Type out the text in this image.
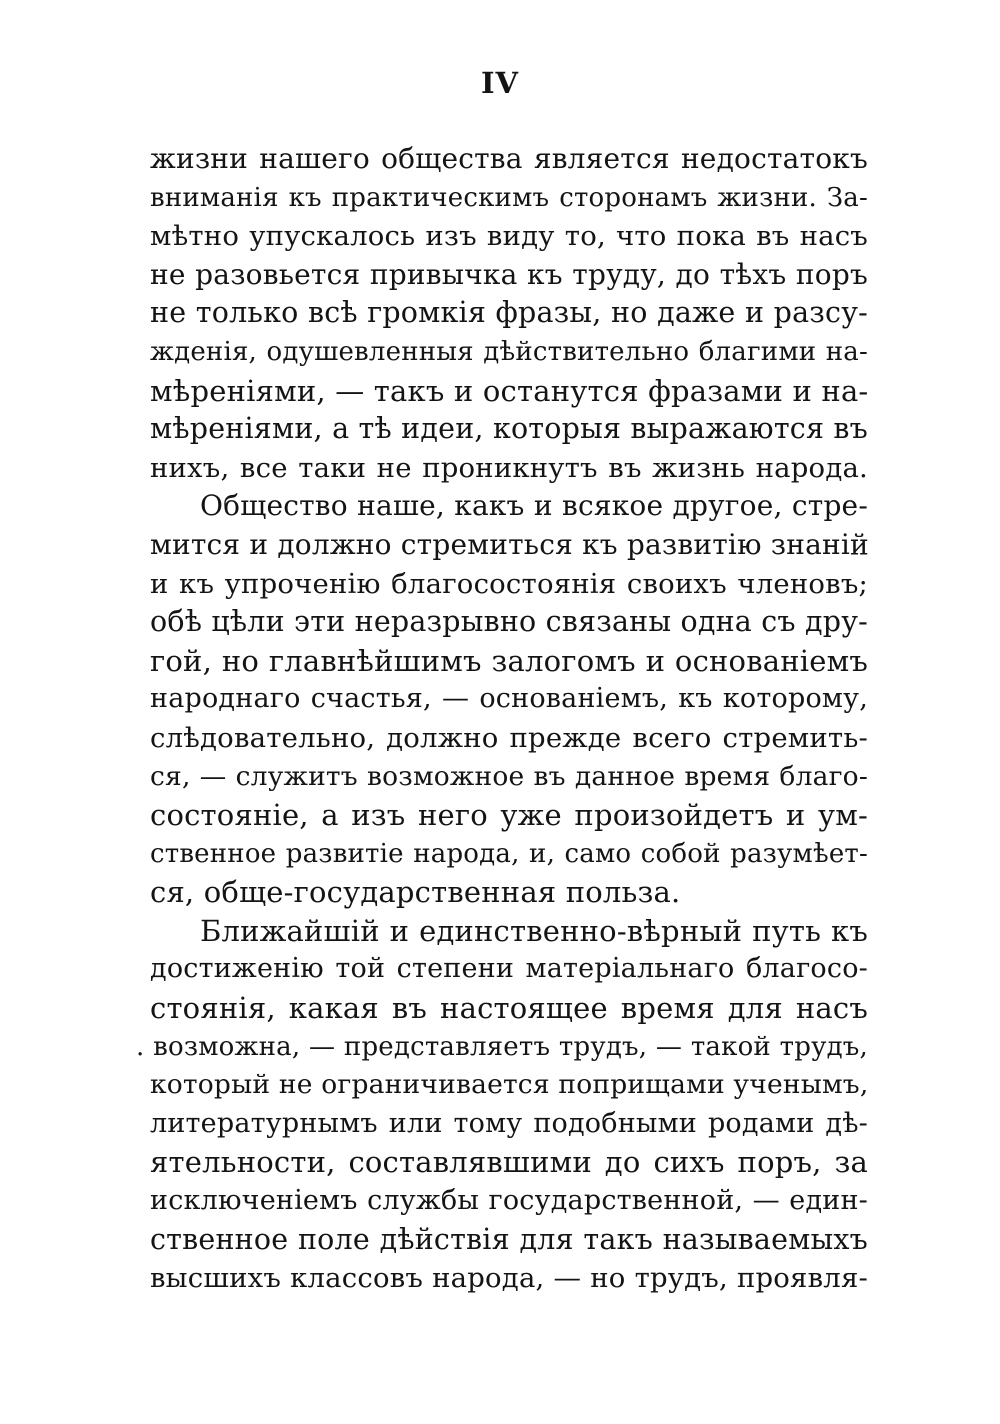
IV
жизни нашего общества является недостатокъ
вниманія къ практическимъ сторонамъ жизни. За-
мѣтно упускалось изъ виду то, что пока въ насъ
не разовьется привычка къ труду, до тѣхъ поръ
не только всѣ громкія фразы, но даже и разсу-
жденія, одушевленныя дѣйствительно благими на-
мѣреніями, — такъ и останутся фразами и на-
мѣреніями, а тѣ идеи, которыя выражаются въ
нихъ, все таки не проникнутъ въ жизнь народа.
Общество наше, какъ и всякое другое, стре-
мится и должно стремиться къ развитію знаній
и къ упроченію благосостоянія своихъ членовъ;
обѣ цѣли эти неразрывно связаны одна съ дру-
гой, но главнѣйшимъ залогомъ и основаніемъ
народнаго счастья, — основаніемъ, къ которому,
слѣдовательно, должно прежде всего стремить-
ся, — служитъ возможное въ данное время благо-
состояніе, а изъ него уже произойдетъ и ум-
ственное развитіе народа, и, само собой разумѣет-
ся, обще-государственная польза.
Ближайшій и единственно-вѣрный путь къ
достиженію той степени матеріальнаго благосо-
стоянія, какая въ настоящее время для насъ
. возможна, — представляетъ трудъ, — такой трудъ,
который не ограничивается поприщами ученымъ,
литературнымъ или тому подобными родами дѣ-
ятельности, составлявшими до сихъ поръ, за
исключеніемъ службы государственной, — един-
ственное поле дѣйствія для такъ называемыхъ
высшихъ классовъ народа, — но трудъ, проявля-
